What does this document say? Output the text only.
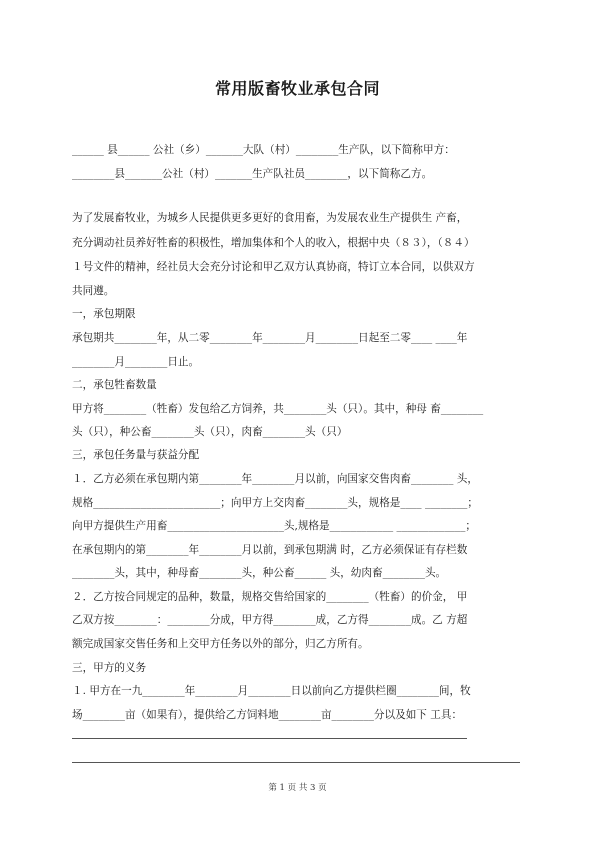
常用版畜牧业承包合同
______ 县______ 公社（乡）_______大队（村）________生产队，以下简称甲方：
________县_______公社（村）_______生产队社员________，以下简称乙方。
为了发展畜牧业，为城乡人民提供更多更好的食用畜，为发展农业生产提供生 产畜，
充分调动社员养好牲畜的积极性，增加集体和个人的收入，根据中央（８３），（８４）
１号文件的精神，经社员大会充分讨论和甲乙双方认真协商，特订立本合同，以供双方
共同遵。
一，承包期限
承包期共________年，从二零________年________月________日起至二零____ ____年
________月________日止。
二，承包牲畜数量
甲方将________（牲畜）发包给乙方饲养，共________头（只）。其中，种母 畜________
头（只），种公畜________头（只），肉畜________头（只）
三，承包任务量与获益分配
１．乙方必须在承包期内第________年________月以前，向国家交售肉畜________ 头，
规格________________________；向甲方上交肉畜________头，规格是____ ________；
向甲方提供生产用畜______________________头,规格是____________ _____________；
在承包期内的第________年________月以前，到承包期满 时，乙方必须保证有存栏数
________头，其中，种母畜________头，种公畜______ 头，幼肉畜________头。
２．乙方按合同规定的品种，数量，规格交售给国家的________（牲畜）的价金， 甲
乙双方按________：________分成，甲方得________成，乙方得________成。乙 方超
额完成国家交售任务和上交甲方任务以外的部分，归乙方所有。
三，甲方的义务
１. 甲方在一九________年________月________日以前向乙方提供栏圈________间，牧
场________亩（如果有），提供给乙方饲料地________亩________分以及如下 工具：
第 1 页 共 3 页
